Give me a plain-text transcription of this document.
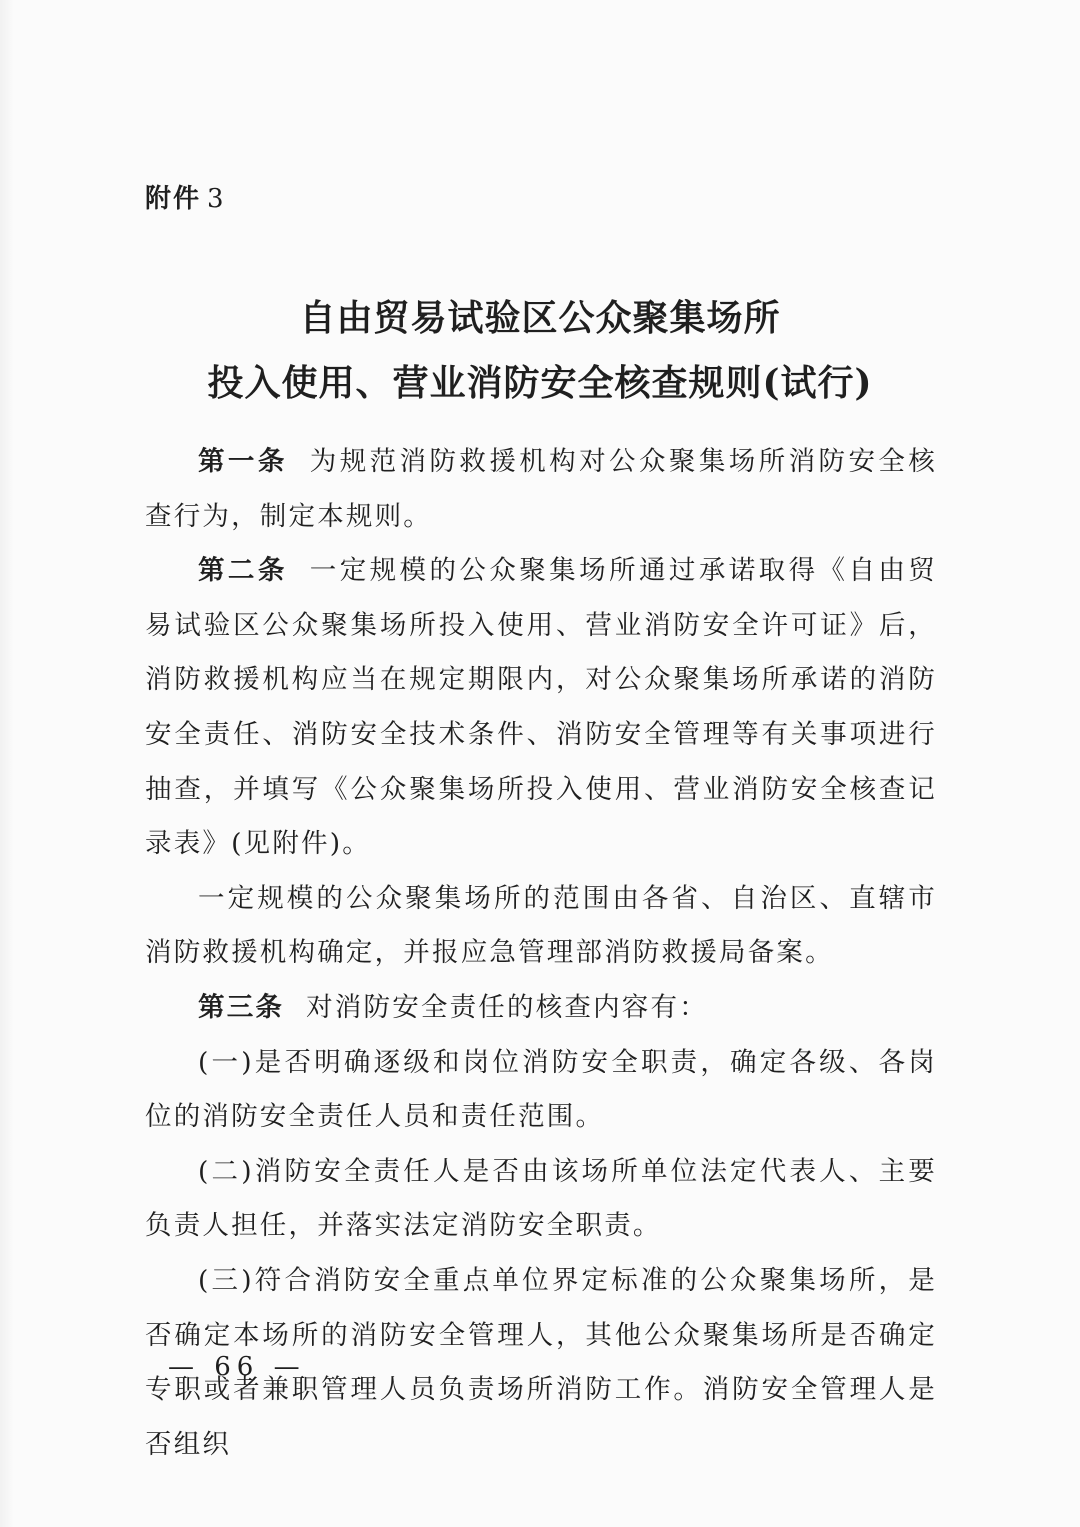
附件 3
自由贸易试验区公众聚集场所
投入使用、营业消防安全核查规则(试行)

第一条 为规范消防救援机构对公众聚集场所消防安全核查行为，制定本规则。

第二条 一定规模的公众聚集场所通过承诺取得《自由贸易试验区公众聚集场所投入使用、营业消防安全许可证》后，消防救援机构应当在规定期限内，对公众聚集场所承诺的消防安全责任、消防安全技术条件、消防安全管理等有关事项进行抽查，并填写《公众聚集场所投入使用、营业消防安全核查记录表》(见附件)。

一定规模的公众聚集场所的范围由各省、自治区、直辖市消防救援机构确定，并报应急管理部消防救援局备案。

第三条 对消防安全责任的核查内容有：

(一)是否明确逐级和岗位消防安全职责，确定各级、各岗位的消防安全责任人员和责任范围。

(二)消防安全责任人是否由该场所单位法定代表人、主要负责人担任，并落实法定消防安全职责。

(三)符合消防安全重点单位界定标准的公众聚集场所，是否确定本场所的消防安全管理人，其他公众聚集场所是否确定专职或者兼职管理人员负责场所消防工作。消防安全管理人是否组织

— 66 —
